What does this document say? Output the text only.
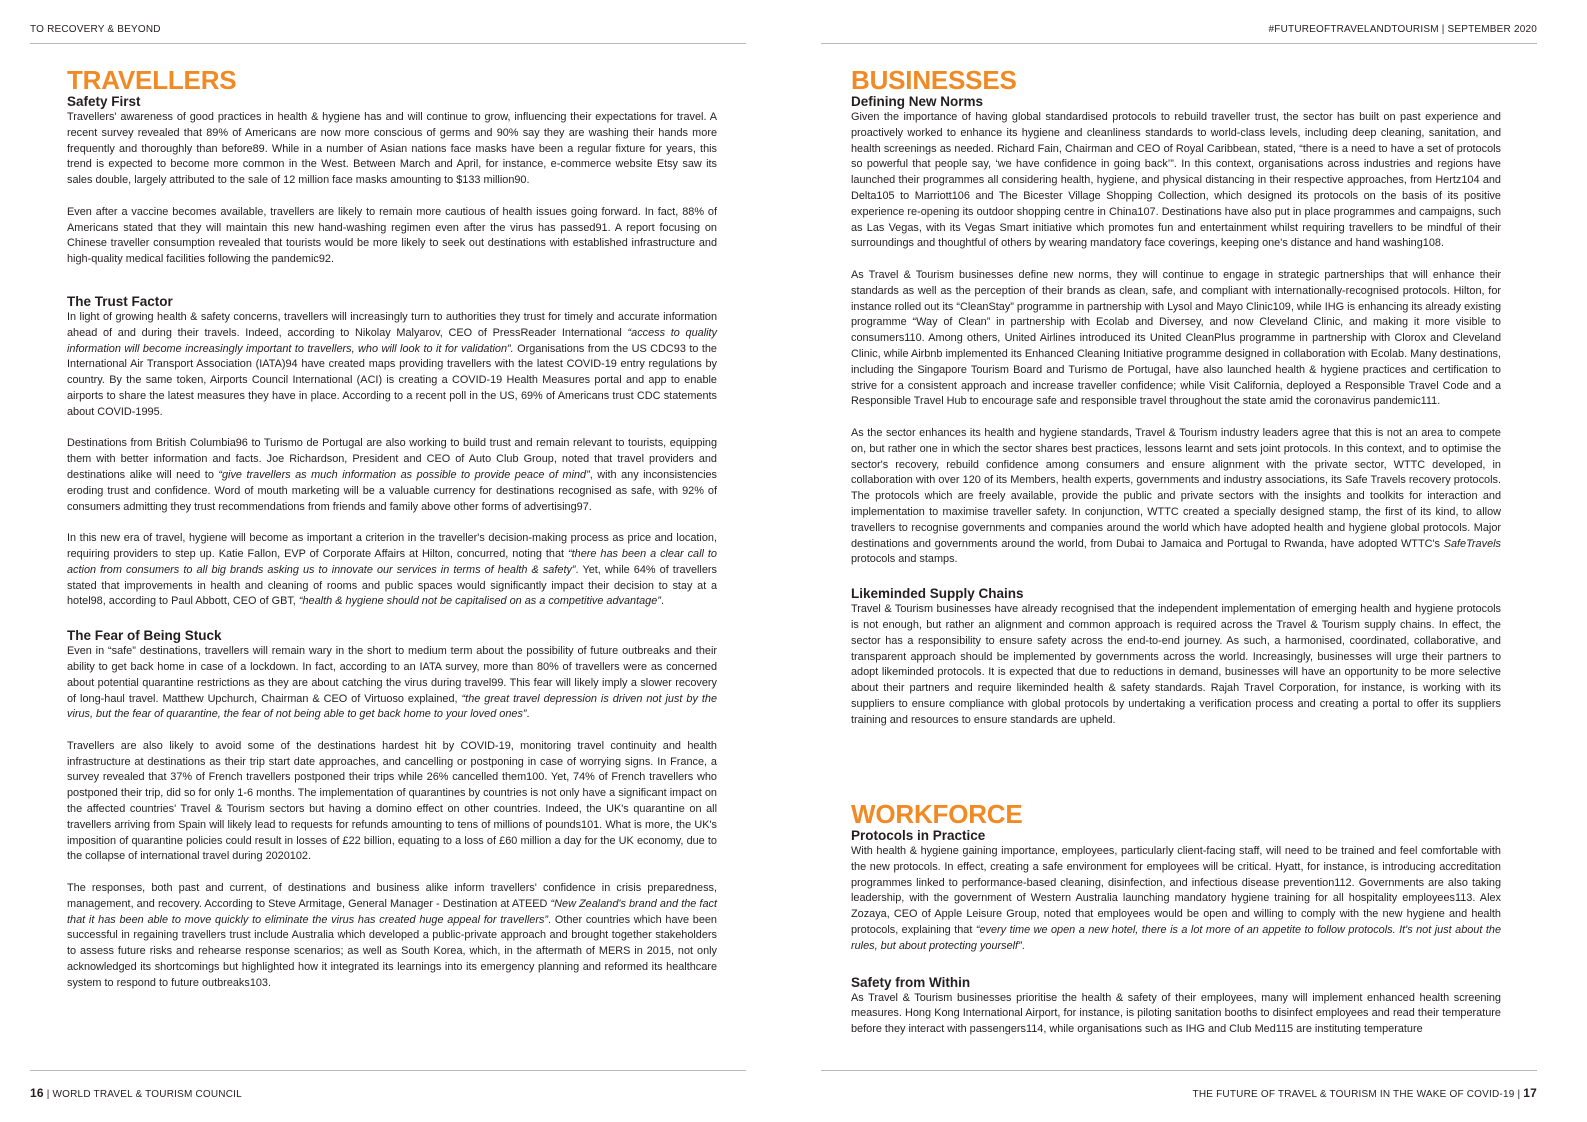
TO RECOVERY & BEYOND
TRAVELLERS
Safety First

Travellers' awareness of good practices in health & hygiene has and will continue to grow, influencing their expectations for travel. A recent survey revealed that 89% of Americans are now more conscious of germs and 90% say they are washing their hands more frequently and thoroughly than before89. While in a number of Asian nations face masks have been a regular fixture for years, this trend is expected to become more common in the West. Between March and April, for instance, e-commerce website Etsy saw its sales double, largely attributed to the sale of 12 million face masks amounting to $133 million90.

Even after a vaccine becomes available, travellers are likely to remain more cautious of health issues going forward. In fact, 88% of Americans stated that they will maintain this new hand-washing regimen even after the virus has passed91. A report focusing on Chinese traveller consumption revealed that tourists would be more likely to seek out destinations with established infrastructure and high-quality medical facilities following the pandemic92.

The Trust Factor

In light of growing health & safety concerns, travellers will increasingly turn to authorities they trust for timely and accurate information ahead of and during their travels. Indeed, according to Nikolay Malyarov, CEO of PressReader International “access to quality information will become increasingly important to travellers, who will look to it for validation”. Organisations from the US CDC93 to the International Air Transport Association (IATA)94 have created maps providing travellers with the latest COVID-19 entry regulations by country. By the same token, Airports Council International (ACI) is creating a COVID-19 Health Measures portal and app to enable airports to share the latest measures they have in place. According to a recent poll in the US, 69% of Americans trust CDC statements about COVID-1995.

Destinations from British Columbia96 to Turismo de Portugal are also working to build trust and remain relevant to tourists, equipping them with better information and facts. Joe Richardson, President and CEO of Auto Club Group, noted that travel providers and destinations alike will need to “give travellers as much information as possible to provide peace of mind”, with any inconsistencies eroding trust and confidence. Word of mouth marketing will be a valuable currency for destinations recognised as safe, with 92% of consumers admitting they trust recommendations from friends and family above other forms of advertising97.

In this new era of travel, hygiene will become as important a criterion in the traveller's decision-making process as price and location, requiring providers to step up. Katie Fallon, EVP of Corporate Affairs at Hilton, concurred, noting that “there has been a clear call to action from consumers to all big brands asking us to innovate our services in terms of health & safety”. Yet, while 64% of travellers stated that improvements in health and cleaning of rooms and public spaces would significantly impact their decision to stay at a hotel98, according to Paul Abbott, CEO of GBT, “health & hygiene should not be capitalised on as a competitive advantage”.

The Fear of Being Stuck

Even in “safe” destinations, travellers will remain wary in the short to medium term about the possibility of future outbreaks and their ability to get back home in case of a lockdown. In fact, according to an IATA survey, more than 80% of travellers were as concerned about potential quarantine restrictions as they are about catching the virus during travel99. This fear will likely imply a slower recovery of long-haul travel. Matthew Upchurch, Chairman & CEO of Virtuoso explained, “the great travel depression is driven not just by the virus, but the fear of quarantine, the fear of not being able to get back home to your loved ones”.

Travellers are also likely to avoid some of the destinations hardest hit by COVID-19, monitoring travel continuity and health infrastructure at destinations as their trip start date approaches, and cancelling or postponing in case of worrying signs. In France, a survey revealed that 37% of French travellers postponed their trips while 26% cancelled them100. Yet, 74% of French travellers who postponed their trip, did so for only 1-6 months. The implementation of quarantines by countries is not only have a significant impact on the affected countries' Travel & Tourism sectors but having a domino effect on other countries. Indeed, the UK's quarantine on all travellers arriving from Spain will likely lead to requests for refunds amounting to tens of millions of pounds101. What is more, the UK's imposition of quarantine policies could result in losses of £22 billion, equating to a loss of £60 million a day for the UK economy, due to the collapse of international travel during 2020102.

The responses, both past and current, of destinations and business alike inform travellers' confidence in crisis preparedness, management, and recovery. According to Steve Armitage, General Manager - Destination at ATEED “New Zealand's brand and the fact that it has been able to move quickly to eliminate the virus has created huge appeal for travellers”. Other countries which have been successful in regaining travellers trust include Australia which developed a public-private approach and brought together stakeholders to assess future risks and rehearse response scenarios; as well as South Korea, which, in the aftermath of MERS in 2015, not only acknowledged its shortcomings but highlighted how it integrated its learnings into its emergency planning and reformed its healthcare system to respond to future outbreaks103.

16 | WORLD TRAVEL & TOURISM COUNCIL
#FUTUREOFTRAVELANDTOURISM | SEPTEMBER 2020
BUSINESSES
Defining New Norms

Given the importance of having global standardised protocols to rebuild traveller trust, the sector has built on past experience and proactively worked to enhance its hygiene and cleanliness standards to world-class levels, including deep cleaning, sanitation, and health screenings as needed. Richard Fain, Chairman and CEO of Royal Caribbean, stated, “there is a need to have a set of protocols so powerful that people say, ‘we have confidence in going back’”. In this context, organisations across industries and regions have launched their programmes all considering health, hygiene, and physical distancing in their respective approaches, from Hertz104 and Delta105 to Marriott106 and The Bicester Village Shopping Collection, which designed its protocols on the basis of its positive experience re-opening its outdoor shopping centre in China107. Destinations have also put in place programmes and campaigns, such as Las Vegas, with its Vegas Smart initiative which promotes fun and entertainment whilst requiring travellers to be mindful of their surroundings and thoughtful of others by wearing mandatory face coverings, keeping one's distance and hand washing108.

As Travel & Tourism businesses define new norms, they will continue to engage in strategic partnerships that will enhance their standards as well as the perception of their brands as clean, safe, and compliant with internationally-recognised protocols. Hilton, for instance rolled out its “CleanStay” programme in partnership with Lysol and Mayo Clinic109, while IHG is enhancing its already existing programme “Way of Clean” in partnership with Ecolab and Diversey, and now Cleveland Clinic, and making it more visible to consumers110. Among others, United Airlines introduced its United CleanPlus programme in partnership with Clorox and Cleveland Clinic, while Airbnb implemented its Enhanced Cleaning Initiative programme designed in collaboration with Ecolab. Many destinations, including the Singapore Tourism Board and Turismo de Portugal, have also launched health & hygiene practices and certification to strive for a consistent approach and increase traveller confidence; while Visit California, deployed a Responsible Travel Code and a Responsible Travel Hub to encourage safe and responsible travel throughout the state amid the coronavirus pandemic111.

As the sector enhances its health and hygiene standards, Travel & Tourism industry leaders agree that this is not an area to compete on, but rather one in which the sector shares best practices, lessons learnt and sets joint protocols. In this context, and to optimise the sector's recovery, rebuild confidence among consumers and ensure alignment with the private sector, WTTC developed, in collaboration with over 120 of its Members, health experts, governments and industry associations, its Safe Travels recovery protocols. The protocols which are freely available, provide the public and private sectors with the insights and toolkits for interaction and implementation to maximise traveller safety. In conjunction, WTTC created a specially designed stamp, the first of its kind, to allow travellers to recognise governments and companies around the world which have adopted health and hygiene global protocols. Major destinations and governments around the world, from Dubai to Jamaica and Portugal to Rwanda, have adopted WTTC's SafeTravels protocols and stamps.

Likeminded Supply Chains

Travel & Tourism businesses have already recognised that the independent implementation of emerging health and hygiene protocols is not enough, but rather an alignment and common approach is required across the Travel & Tourism supply chains. In effect, the sector has a responsibility to ensure safety across the end-to-end journey. As such, a harmonised, coordinated, collaborative, and transparent approach should be implemented by governments across the world. Increasingly, businesses will urge their partners to adopt likeminded protocols. It is expected that due to reductions in demand, businesses will have an opportunity to be more selective about their partners and require likeminded health & safety standards. Rajah Travel Corporation, for instance, is working with its suppliers to ensure compliance with global protocols by undertaking a verification process and creating a portal to offer its suppliers training and resources to ensure standards are upheld.

WORKFORCE
Protocols in Practice

With health & hygiene gaining importance, employees, particularly client-facing staff, will need to be trained and feel comfortable with the new protocols. In effect, creating a safe environment for employees will be critical. Hyatt, for instance, is introducing accreditation programmes linked to performance-based cleaning, disinfection, and infectious disease prevention112. Governments are also taking leadership, with the government of Western Australia launching mandatory hygiene training for all hospitality employees113. Alex Zozaya, CEO of Apple Leisure Group, noted that employees would be open and willing to comply with the new hygiene and health protocols, explaining that “every time we open a new hotel, there is a lot more of an appetite to follow protocols. It's not just about the rules, but about protecting yourself”.

Safety from Within

As Travel & Tourism businesses prioritise the health & safety of their employees, many will implement enhanced health screening measures. Hong Kong International Airport, for instance, is piloting sanitation booths to disinfect employees and read their temperature before they interact with passengers114, while organisations such as IHG and Club Med115 are instituting temperature

THE FUTURE OF TRAVEL & TOURISM IN THE WAKE OF COVID-19 | 17
